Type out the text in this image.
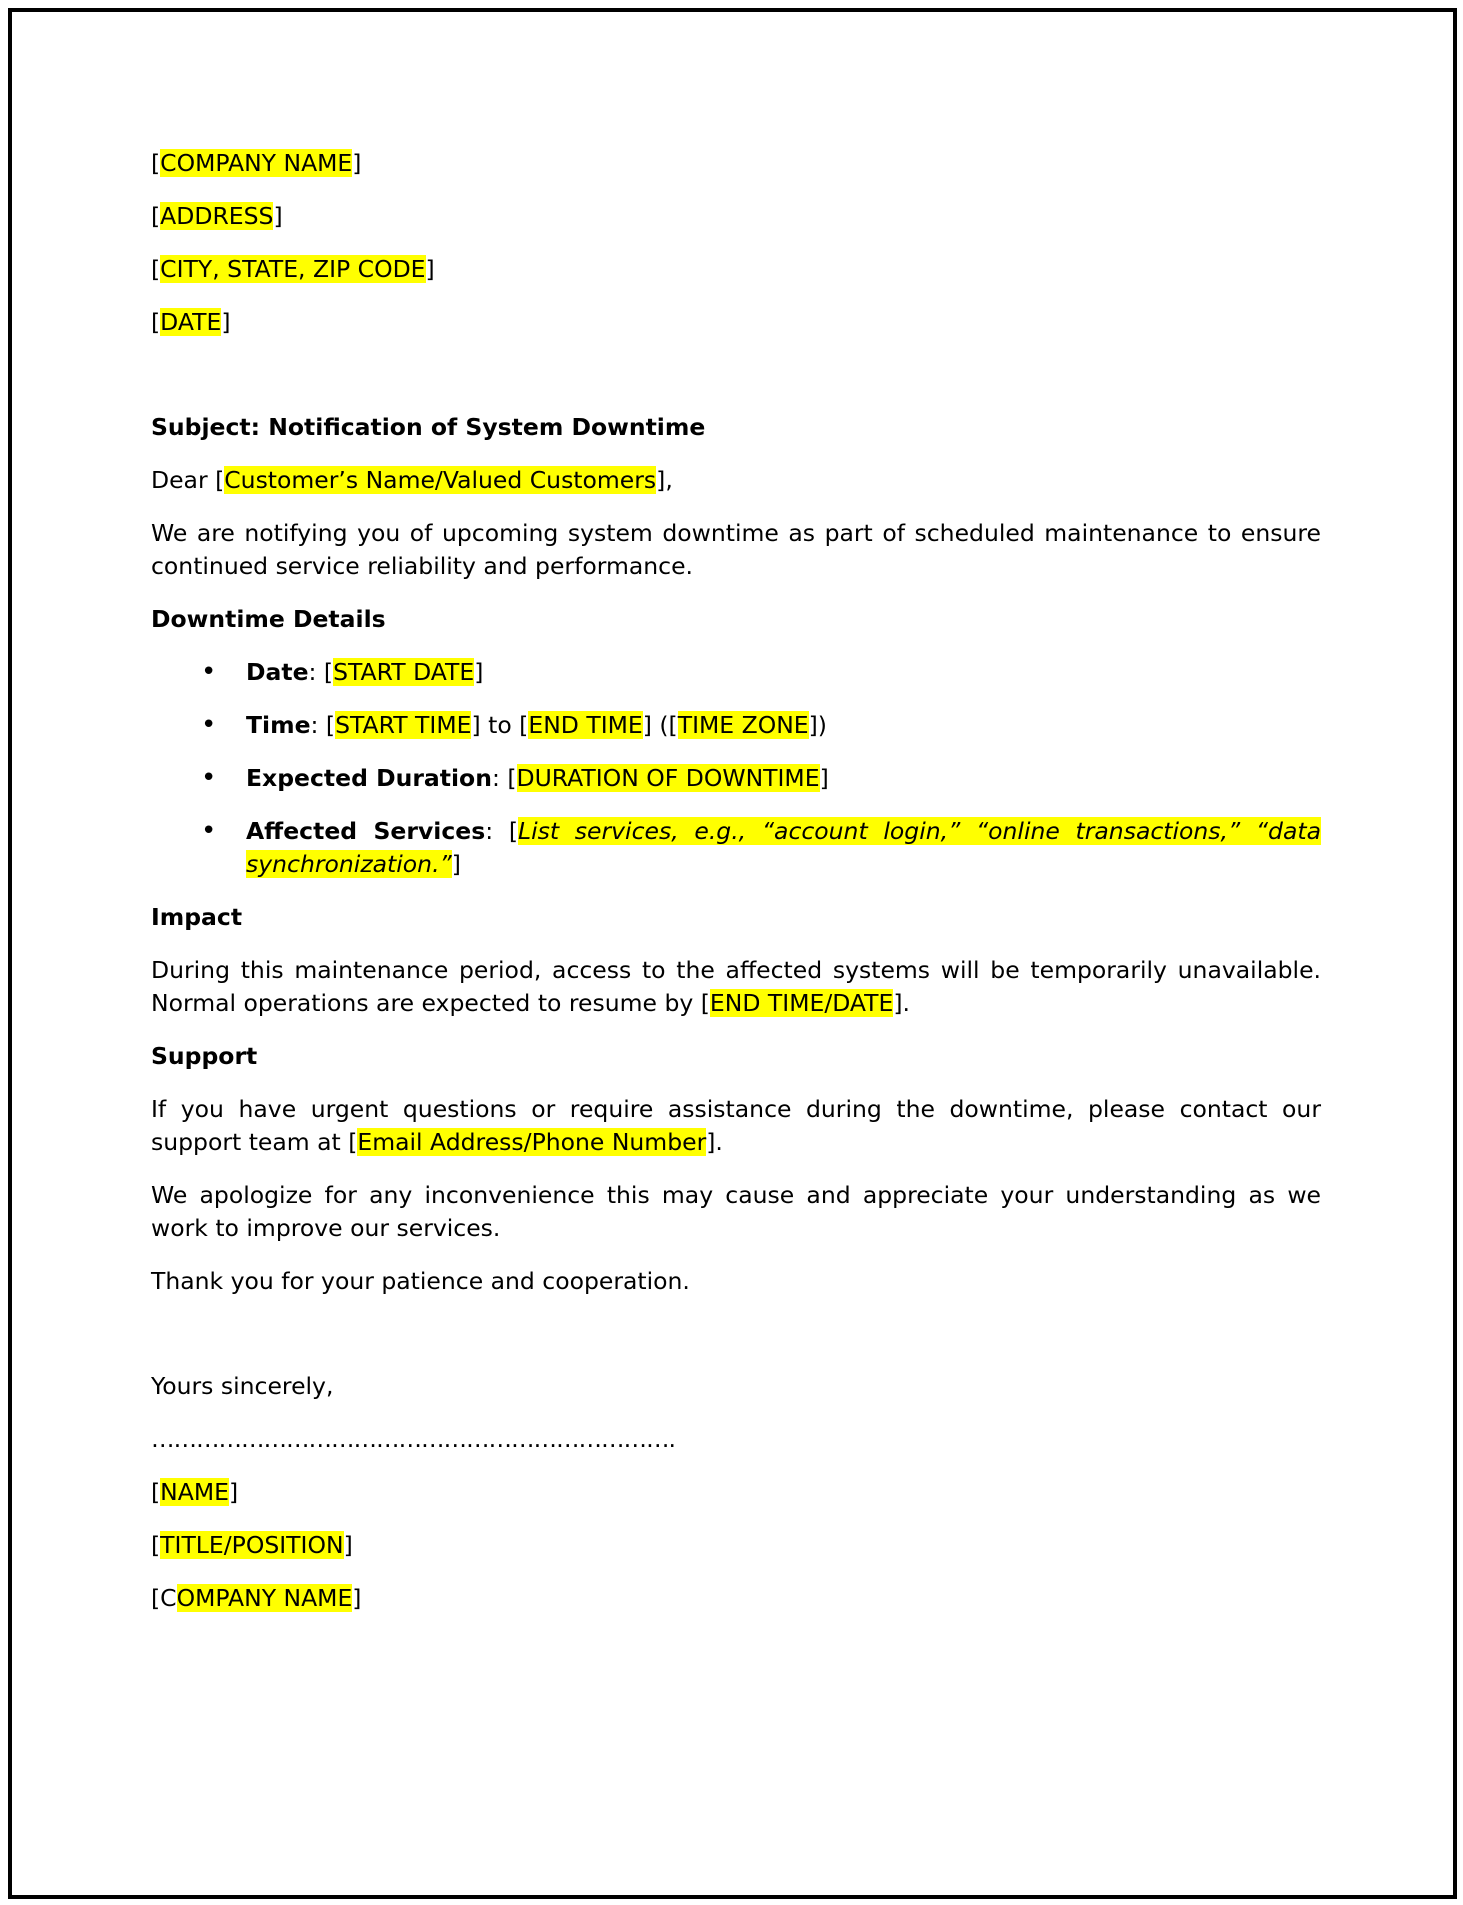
[COMPANY NAME]

[ADDRESS]

[CITY, STATE, ZIP CODE]

[DATE]

Subject: Notification of System Downtime

Dear [Customer’s Name/Valued Customers],

We are notifying you of upcoming system downtime as part of scheduled maintenance to ensure continued service reliability and performance.

Downtime Details

• Date: [START DATE]

• Time: [START TIME] to [END TIME] ([TIME ZONE])

• Expected Duration: [DURATION OF DOWNTIME]

• Affected Services: [List services, e.g., “account login,” “online transactions,” “data synchronization.”]

Impact

During this maintenance period, access to the affected systems will be temporarily unavailable. Normal operations are expected to resume by [END TIME/DATE].

Support

If you have urgent questions or require assistance during the downtime, please contact our support team at [Email Address/Phone Number].

We apologize for any inconvenience this may cause and appreciate your understanding as we work to improve our services.

Thank you for your patience and cooperation.

Yours sincerely,

…………………………………………………………….

[NAME]

[TITLE/POSITION]

[COMPANY NAME]
